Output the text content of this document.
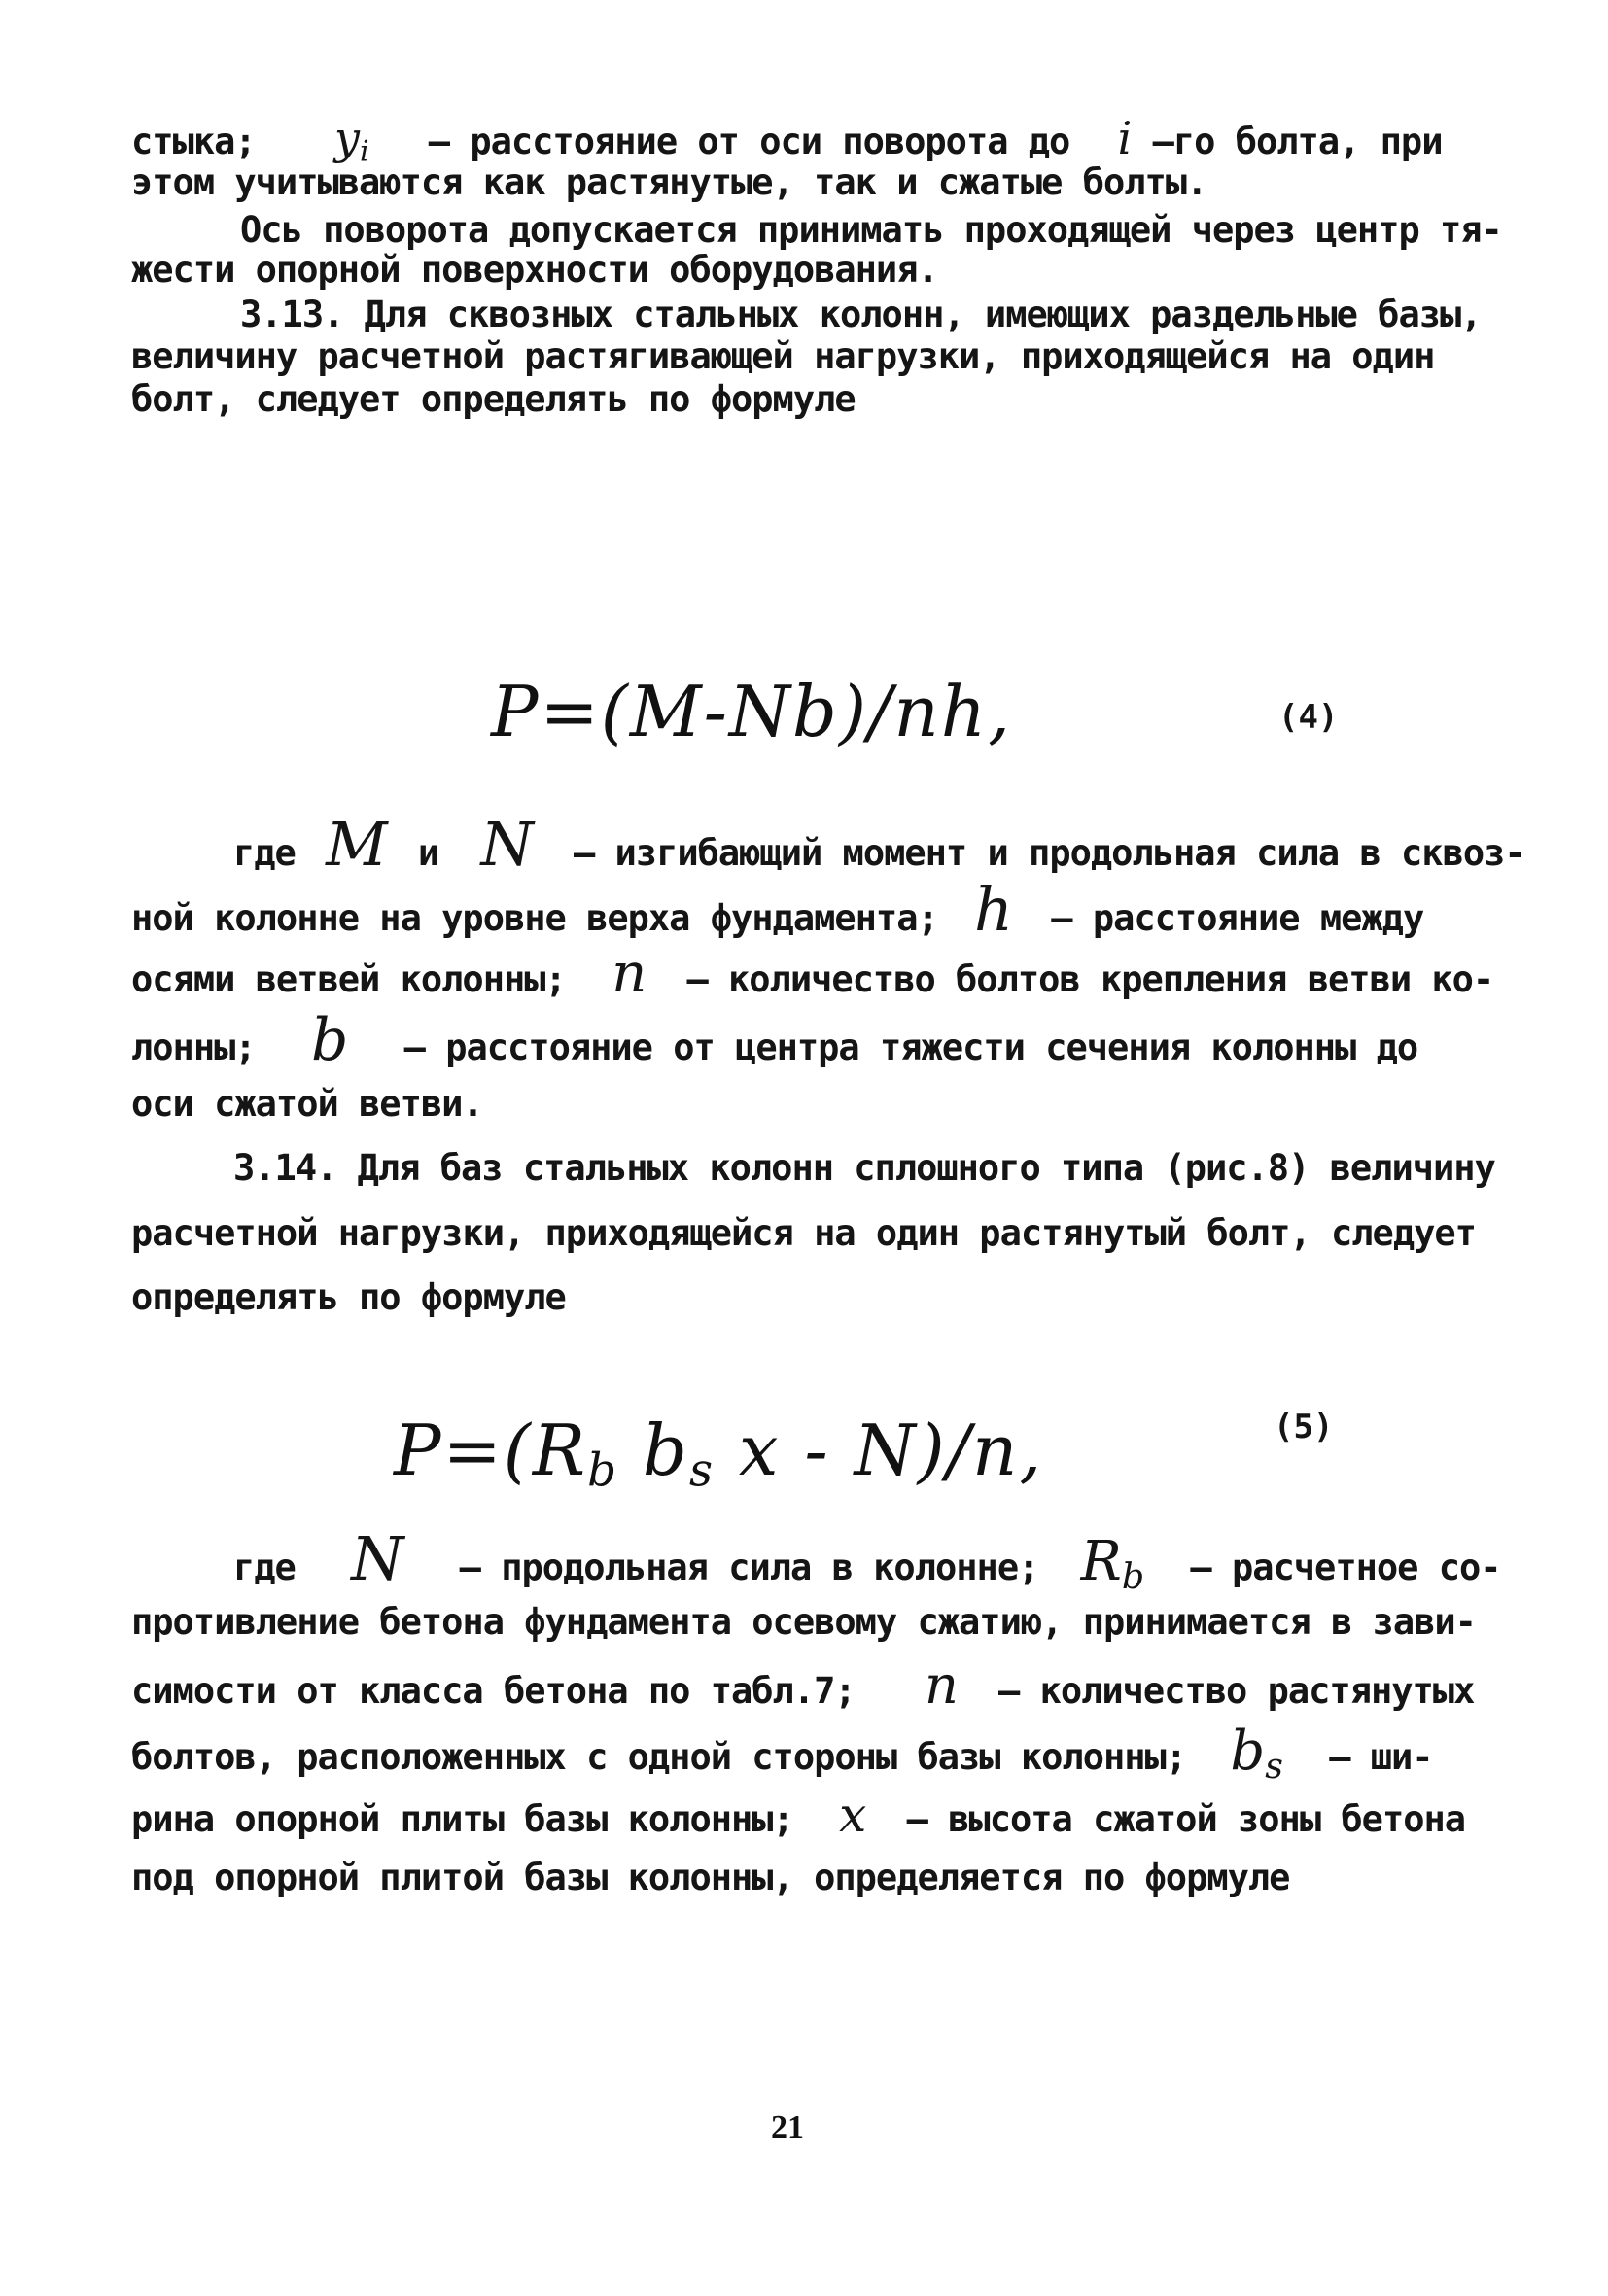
стыка; $y_i$ – расстояние от оси поворота до i –го болта, при
этом учитываются как растянутые, так и сжатые болты.
Ось поворота допускается принимать проходящей через центр тя-
жести опорной поверхности оборудования.
3.13. Для сквозных стальных колонн, имеющих раздельные базы,
величину расчетной растягивающей нагрузки, приходящейся на один
болт, следует определять по формуле
P=(M-Nb)/nh,	(4)
где M и N – изгибающий момент и продольная сила в сквоз-
ной колонне на уровне верха фундамента; h – расстояние между
осями ветвей колонны; n – количество болтов крепления ветви ко-
лонны; b – расстояние от центра тяжести сечения колонны до
оси сжатой ветви.
3.14. Для баз стальных колонн сплошного типа (рис.8) величину
расчетной нагрузки, приходящейся на один растянутый болт, следует
определять по формуле
$P=(R_b$ $b_s$ x - N)/n,	(5)
где N – продольная сила в колонне; $R_b$ – расчетное со-
противление бетона фундамента осевому сжатию, принимается в зави-
симости от класса бетона по табл.7; n – количество растянутых
болтов, расположенных с одной стороны базы колонны; $b_s - ши-$
рина опорной плиты базы колонны; x – высота сжатой зоны бетона
под опорной плитой базы колонны, определяется по формуле
21
